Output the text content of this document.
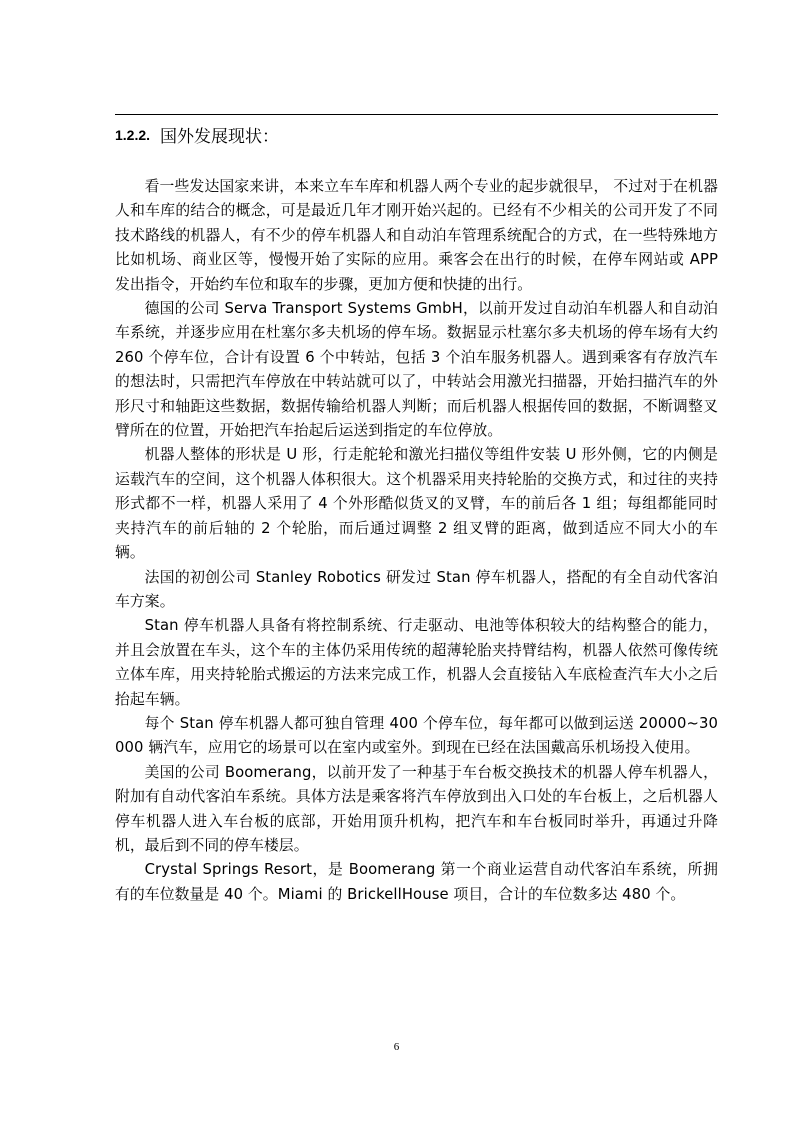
1.2.2. 国外发展现状：

看一些发达国家来讲，本来立车车库和机器人两个专业的起步就很早， 不过对于在机器人和车库的结合的概念，可是最近几年才刚开始兴起的。已经有不少相关的公司开发了不同技术路线的机器人，有不少的停车机器人和自动泊车管理系统配合的方式，在一些特殊地方比如机场、商业区等，慢慢开始了实际的应用。乘客会在出行的时候，在停车网站或 APP 发出指令，开始约车位和取车的步骤，更加方便和快捷的出行。

德国的公司 Serva Transport Systems GmbH，以前开发过自动泊车机器人和自动泊车系统，并逐步应用在杜塞尔多夫机场的停车场。数据显示杜塞尔多夫机场的停车场有大约 260 个停车位，合计有设置 6 个中转站，包括 3 个泊车服务机器人。遇到乘客有存放汽车的想法时，只需把汽车停放在中转站就可以了，中转站会用激光扫描器，开始扫描汽车的外形尺寸和轴距这些数据，数据传输给机器人判断；而后机器人根据传回的数据，不断调整叉臂所在的位置，开始把汽车抬起后运送到指定的车位停放。

机器人整体的形状是 U 形，行走舵轮和激光扫描仪等组件安装 U 形外侧，它的内侧是运载汽车的空间，这个机器人体积很大。这个机器采用夹持轮胎的交换方式，和过往的夹持形式都不一样，机器人采用了 4 个外形酷似货叉的叉臂，车的前后各 1 组；每组都能同时夹持汽车的前后轴的 2 个轮胎，而后通过调整 2 组叉臂的距离，做到适应不同大小的车辆。

法国的初创公司 Stanley Robotics 研发过 Stan 停车机器人，搭配的有全自动代客泊车方案。

Stan 停车机器人具备有将控制系统、行走驱动、电池等体积较大的结构整合的能力，并且会放置在车头，这个车的主体仍采用传统的超薄轮胎夹持臂结构，机器人依然可像传统立体车库，用夹持轮胎式搬运的方法来完成工作，机器人会直接钻入车底检查汽车大小之后抬起车辆。

每个 Stan 停车机器人都可独自管理 400 个停车位，每年都可以做到运送 20000~30000 辆汽车，应用它的场景可以在室内或室外。到现在已经在法国戴高乐机场投入使用。

美国的公司 Boomerang，以前开发了一种基于车台板交换技术的机器人停车机器人，附加有自动代客泊车系统。具体方法是乘客将汽车停放到出入口处的车台板上，之后机器人停车机器人进入车台板的底部，开始用顶升机构，把汽车和车台板同时举升，再通过升降机，最后到不同的停车楼层。

Crystal Springs Resort，是 Boomerang 第一个商业运营自动代客泊车系统，所拥有的车位数量是 40 个。Miami 的 BrickellHouse 项目，合计的车位数多达 480 个。

6
